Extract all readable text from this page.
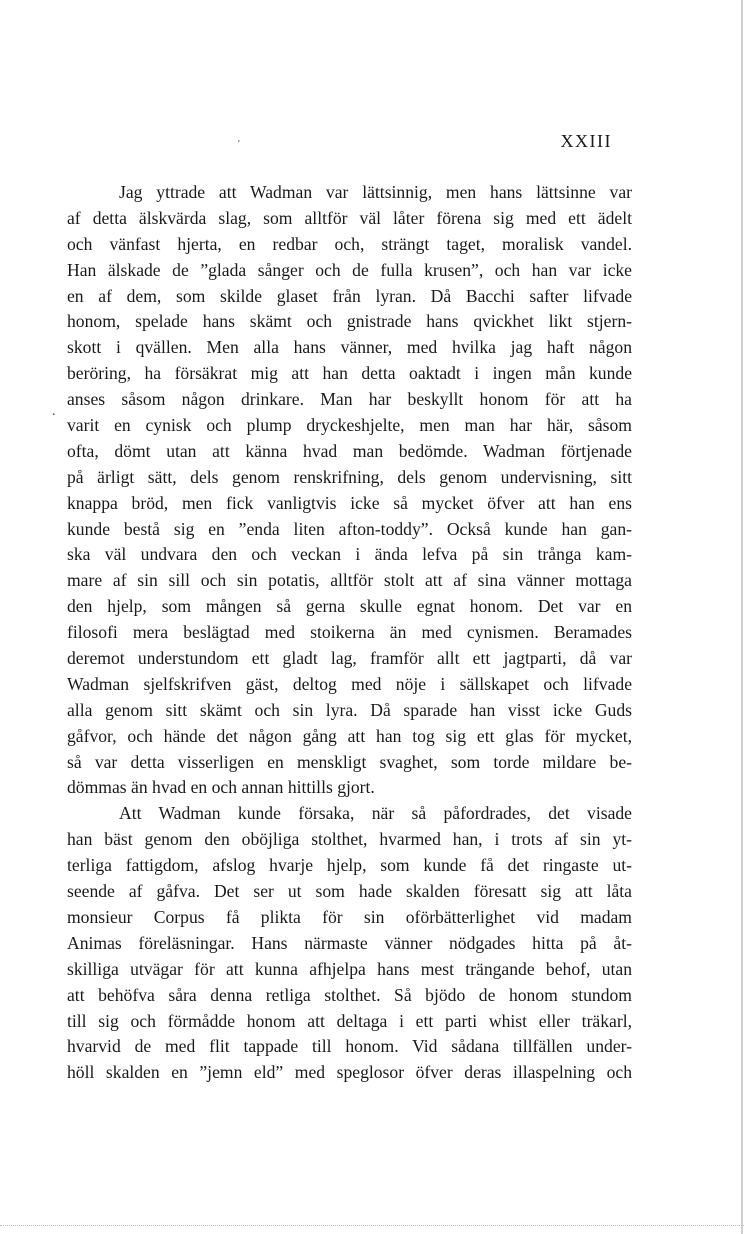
'
.
XXIII
Jag yttrade att Wadman var lättsinnig, men hans lättsinne var
af detta älskvärda slag, som alltför väl låter förena sig med ett ädelt
och vänfast hjerta, en redbar och, strängt taget, moralisk vandel.
Han älskade de ”glada sånger och de fulla krusen”, och han var icke
en af dem, som skilde glaset från lyran. Då Bacchi safter lifvade
honom, spelade hans skämt och gnistrade hans qvickhet likt stjern-
skott i qvällen. Men alla hans vänner, med hvilka jag haft någon
beröring, ha försäkrat mig att han detta oaktadt i ingen mån kunde
anses såsom någon drinkare. Man har beskyllt honom för att ha
varit en cynisk och plump dryckeshjelte, men man har här, såsom
ofta, dömt utan att känna hvad man bedömde. Wadman förtjenade
på ärligt sätt, dels genom renskrifning, dels genom undervisning, sitt
knappa bröd, men fick vanligtvis icke så mycket öfver att han ens
kunde bestå sig en ”enda liten afton-toddy”. Också kunde han gan-
ska väl undvara den och veckan i ända lefva på sin trånga kam-
mare af sin sill och sin potatis, alltför stolt att af sina vänner mottaga
den hjelp, som mången så gerna skulle egnat honom. Det var en
filosofi mera beslägtad med stoikerna än med cynismen. Beramades
deremot understundom ett gladt lag, framför allt ett jagtparti, då var
Wadman sjelfskrifven gäst, deltog med nöje i sällskapet och lifvade
alla genom sitt skämt och sin lyra. Då sparade han visst icke Guds
gåfvor, och hände det någon gång att han tog sig ett glas för mycket,
så var detta visserligen en menskligt svaghet, som torde mildare be-
dömmas än hvad en och annan hittills gjort.
Att Wadman kunde försaka, när så påfordrades, det visade
han bäst genom den oböjliga stolthet, hvarmed han, i trots af sin yt-
terliga fattigdom, afslog hvarje hjelp, som kunde få det ringaste ut-
seende af gåfva. Det ser ut som hade skalden föresatt sig att låta
monsieur Corpus få plikta för sin oförbätterlighet vid madam
Animas föreläsningar. Hans närmaste vänner nödgades hitta på åt-
skilliga utvägar för att kunna afhjelpa hans mest trängande behof, utan
att behöfva såra denna retliga stolthet. Så bjödo de honom stundom
till sig och förmådde honom att deltaga i ett parti whist eller träkarl,
hvarvid de med flit tappade till honom. Vid sådana tillfällen under-
höll skalden en ”jemn eld” med speglosor öfver deras illaspelning och
